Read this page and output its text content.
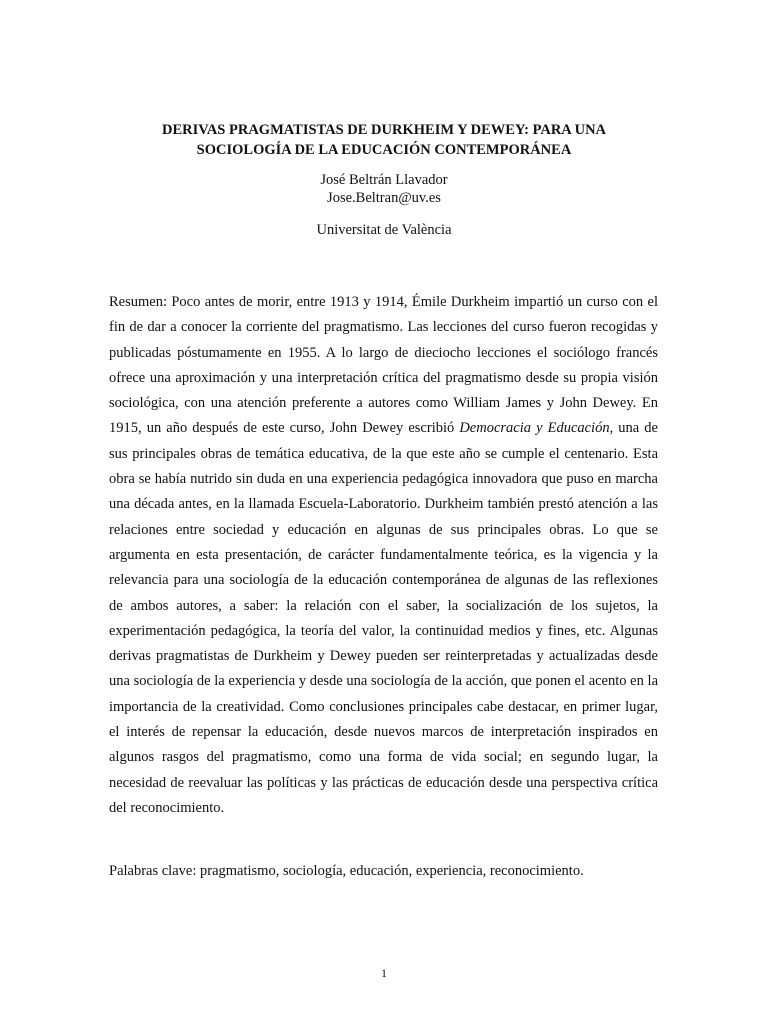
DERIVAS PRAGMATISTAS DE DURKHEIM Y DEWEY: PARA UNA
SOCIOLOGÍA DE LA EDUCACIÓN CONTEMPORÁNEA
José Beltrán Llavador
Jose.Beltran@uv.es
Universitat de València

Resumen: Poco antes de morir, entre 1913 y 1914, Émile Durkheim impartió un curso con el fin de dar a conocer la corriente del pragmatismo. Las lecciones del curso fueron recogidas y publicadas póstumamente en 1955. A lo largo de dieciocho lecciones el sociólogo francés ofrece una aproximación y una interpretación crítica del pragmatismo desde su propia visión sociológica, con una atención preferente a autores como William James y John Dewey. En 1915, un año después de este curso, John Dewey escribió Democracia y Educación, una de sus principales obras de temática educativa, de la que este año se cumple el centenario. Esta obra se había nutrido sin duda en una experiencia pedagógica innovadora que puso en marcha una década antes, en la llamada Escuela-Laboratorio. Durkheim también prestó atención a las relaciones entre sociedad y educación en algunas de sus principales obras. Lo que se argumenta en esta presentación, de carácter fundamentalmente teórica, es la vigencia y la relevancia para una sociología de la educación contemporánea de algunas de las reflexiones de ambos autores, a saber: la relación con el saber, la socialización de los sujetos, la experimentación pedagógica, la teoría del valor, la continuidad medios y fines, etc. Algunas derivas pragmatistas de Durkheim y Dewey pueden ser reinterpretadas y actualizadas desde una sociología de la experiencia y desde una sociología de la acción, que ponen el acento en la importancia de la creatividad. Como conclusiones principales cabe destacar, en primer lugar, el interés de repensar la educación, desde nuevos marcos de interpretación inspirados en algunos rasgos del pragmatismo, como una forma de vida social; en segundo lugar, la necesidad de reevaluar las políticas y las prácticas de educación desde una perspectiva crítica del reconocimiento.

Palabras clave: pragmatismo, sociología, educación, experiencia, reconocimiento.

1
